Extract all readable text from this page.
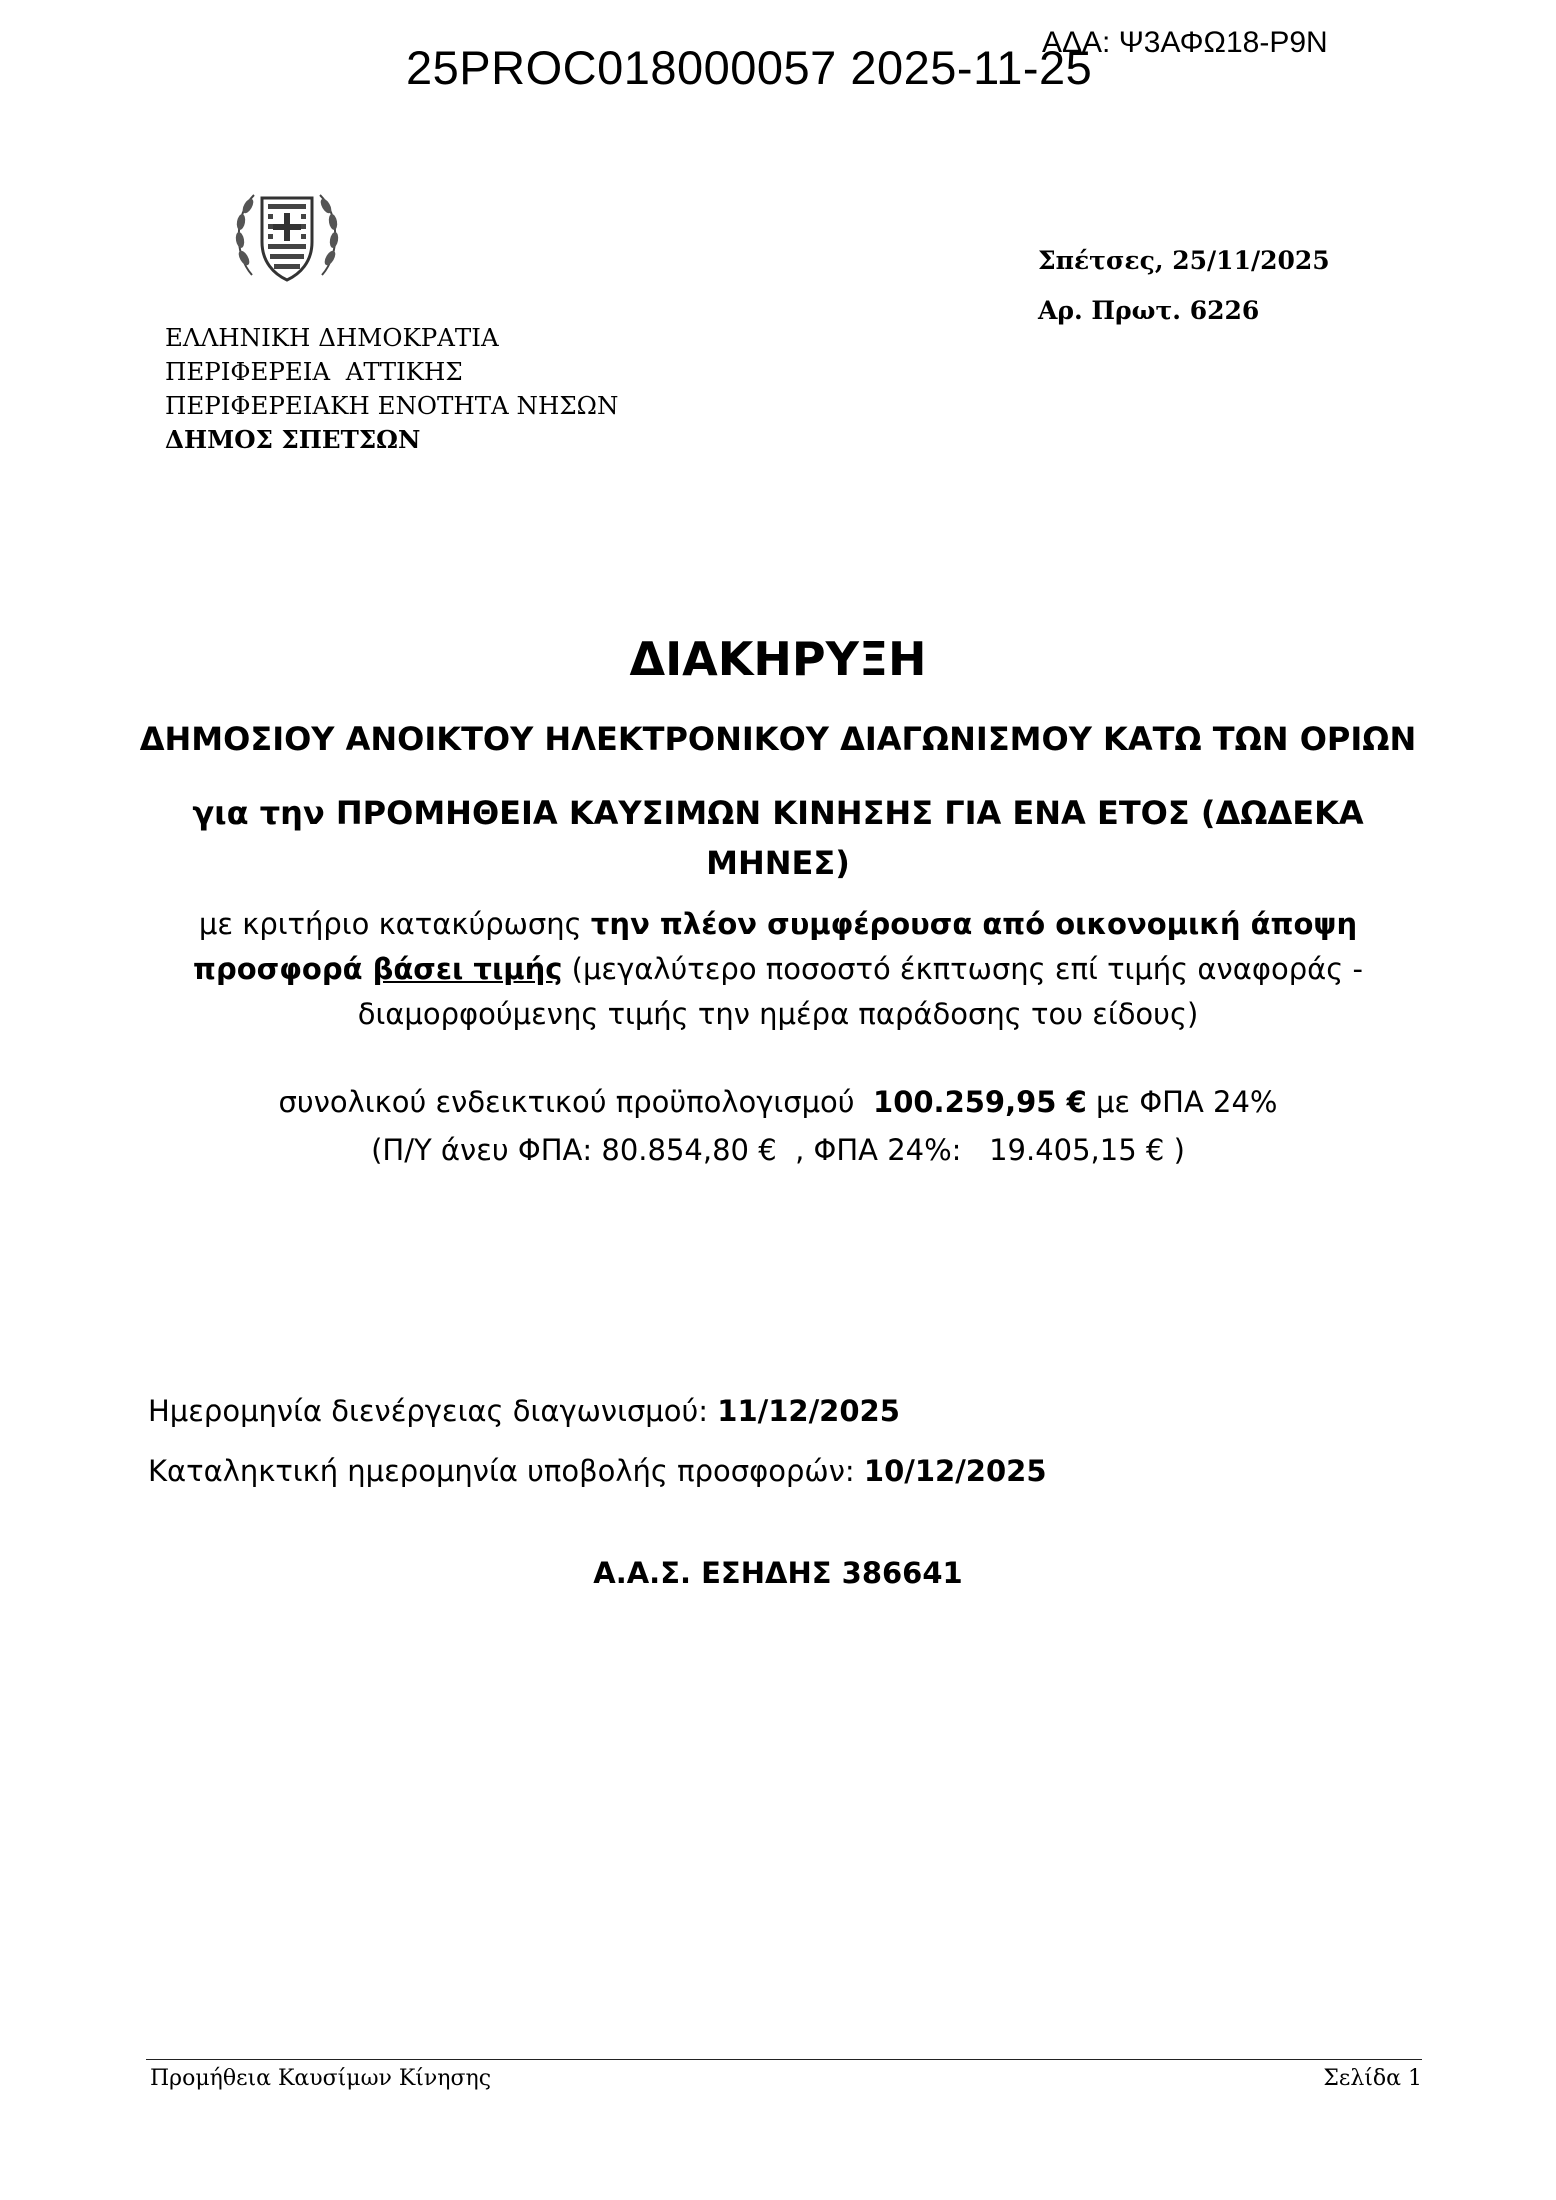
25PROC018000057 2025-11-25
ΑΔΑ: Ψ3ΑΦΩ18-Ρ9Ν
Σπέτσες, 25/11/2025
Αρ. Πρωτ. 6226
ΕΛΛΗΝΙΚΗ ΔΗΜΟΚΡΑΤΙΑ
ΠΕΡΙΦΕΡΕΙΑ  ΑΤΤΙΚΗΣ
ΠΕΡΙΦΕΡΕΙΑΚΗ ΕΝΟΤΗΤΑ ΝΗΣΩΝ
ΔΗΜΟΣ ΣΠΕΤΣΩΝ
ΔΙΑΚΗΡΥΞΗ
ΔΗΜΟΣΙΟΥ ΑΝΟΙΚΤΟΥ ΗΛΕΚΤΡΟΝΙΚΟΥ ΔΙΑΓΩΝΙΣΜΟΥ ΚΑΤΩ ΤΩΝ ΟΡΙΩΝ
για την ΠΡΟΜΗΘΕΙΑ ΚΑΥΣΙΜΩΝ ΚΙΝΗΣΗΣ ΓΙΑ ΕΝΑ ΕΤΟΣ (ΔΩΔΕΚΑ
ΜΗΝΕΣ)
με κριτήριο κατακύρωσης την πλέον συμφέρουσα από οικονομική άποψη
προσφορά βάσει τιμής (μεγαλύτερο ποσοστό έκπτωσης επί τιμής αναφοράς -
διαμορφούμενης τιμής την ημέρα παράδοσης του είδους)
συνολικού ενδεικτικού προϋπολογισμού  100.259,95 € με ΦΠΑ 24%
(Π/Υ άνευ ΦΠΑ: 80.854,80 €  , ΦΠΑ 24%:   19.405,15 € )
Ημερομηνία διενέργειας διαγωνισμού: 11/12/2025
Καταληκτική ημερομηνία υποβολής προσφορών: 10/12/2025
Α.Α.Σ. ΕΣΗΔΗΣ 386641
Προμήθεια Καυσίμων Κίνησης	Σελίδα 1
